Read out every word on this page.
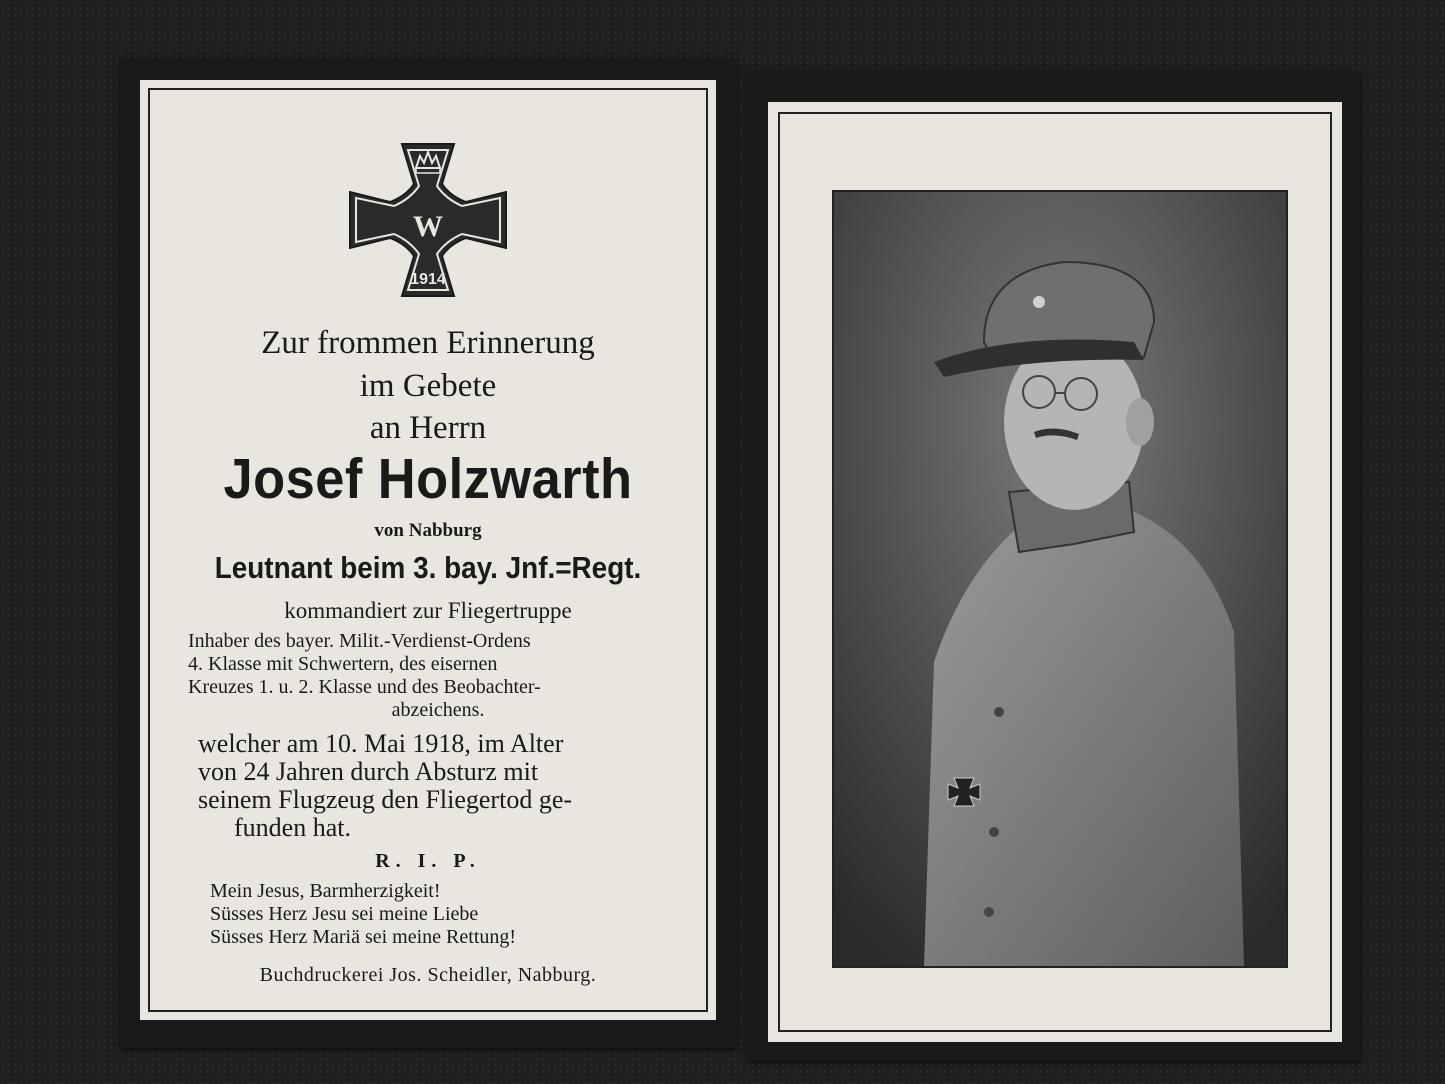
W
1914
Zur frommen Erinnerung
im Gebete
an Herrn
Josef Holzwarth
von Nabburg
Leutnant beim 3. bay. Jnf.=Regt.
kommandiert zur Fliegertruppe
Inhaber des bayer. Milit.-Verdienst-Ordens
4. Klasse mit Schwertern, des eisernen
Kreuzes 1. u. 2. Klasse und des Beobachter-

abzeichens.
welcher am 10. Mai 1918, im Alter
von 24 Jahren durch Absturz mit
seinem Flugzeug den Fliegertod ge-
funden hat.
R. I. P.
Mein Jesus, Barmherzigkeit!
Süsses Herz Jesu sei meine Liebe
Süsses Herz Mariä sei meine Rettung!
Buchdruckerei Jos. Scheidler, Nabburg.
